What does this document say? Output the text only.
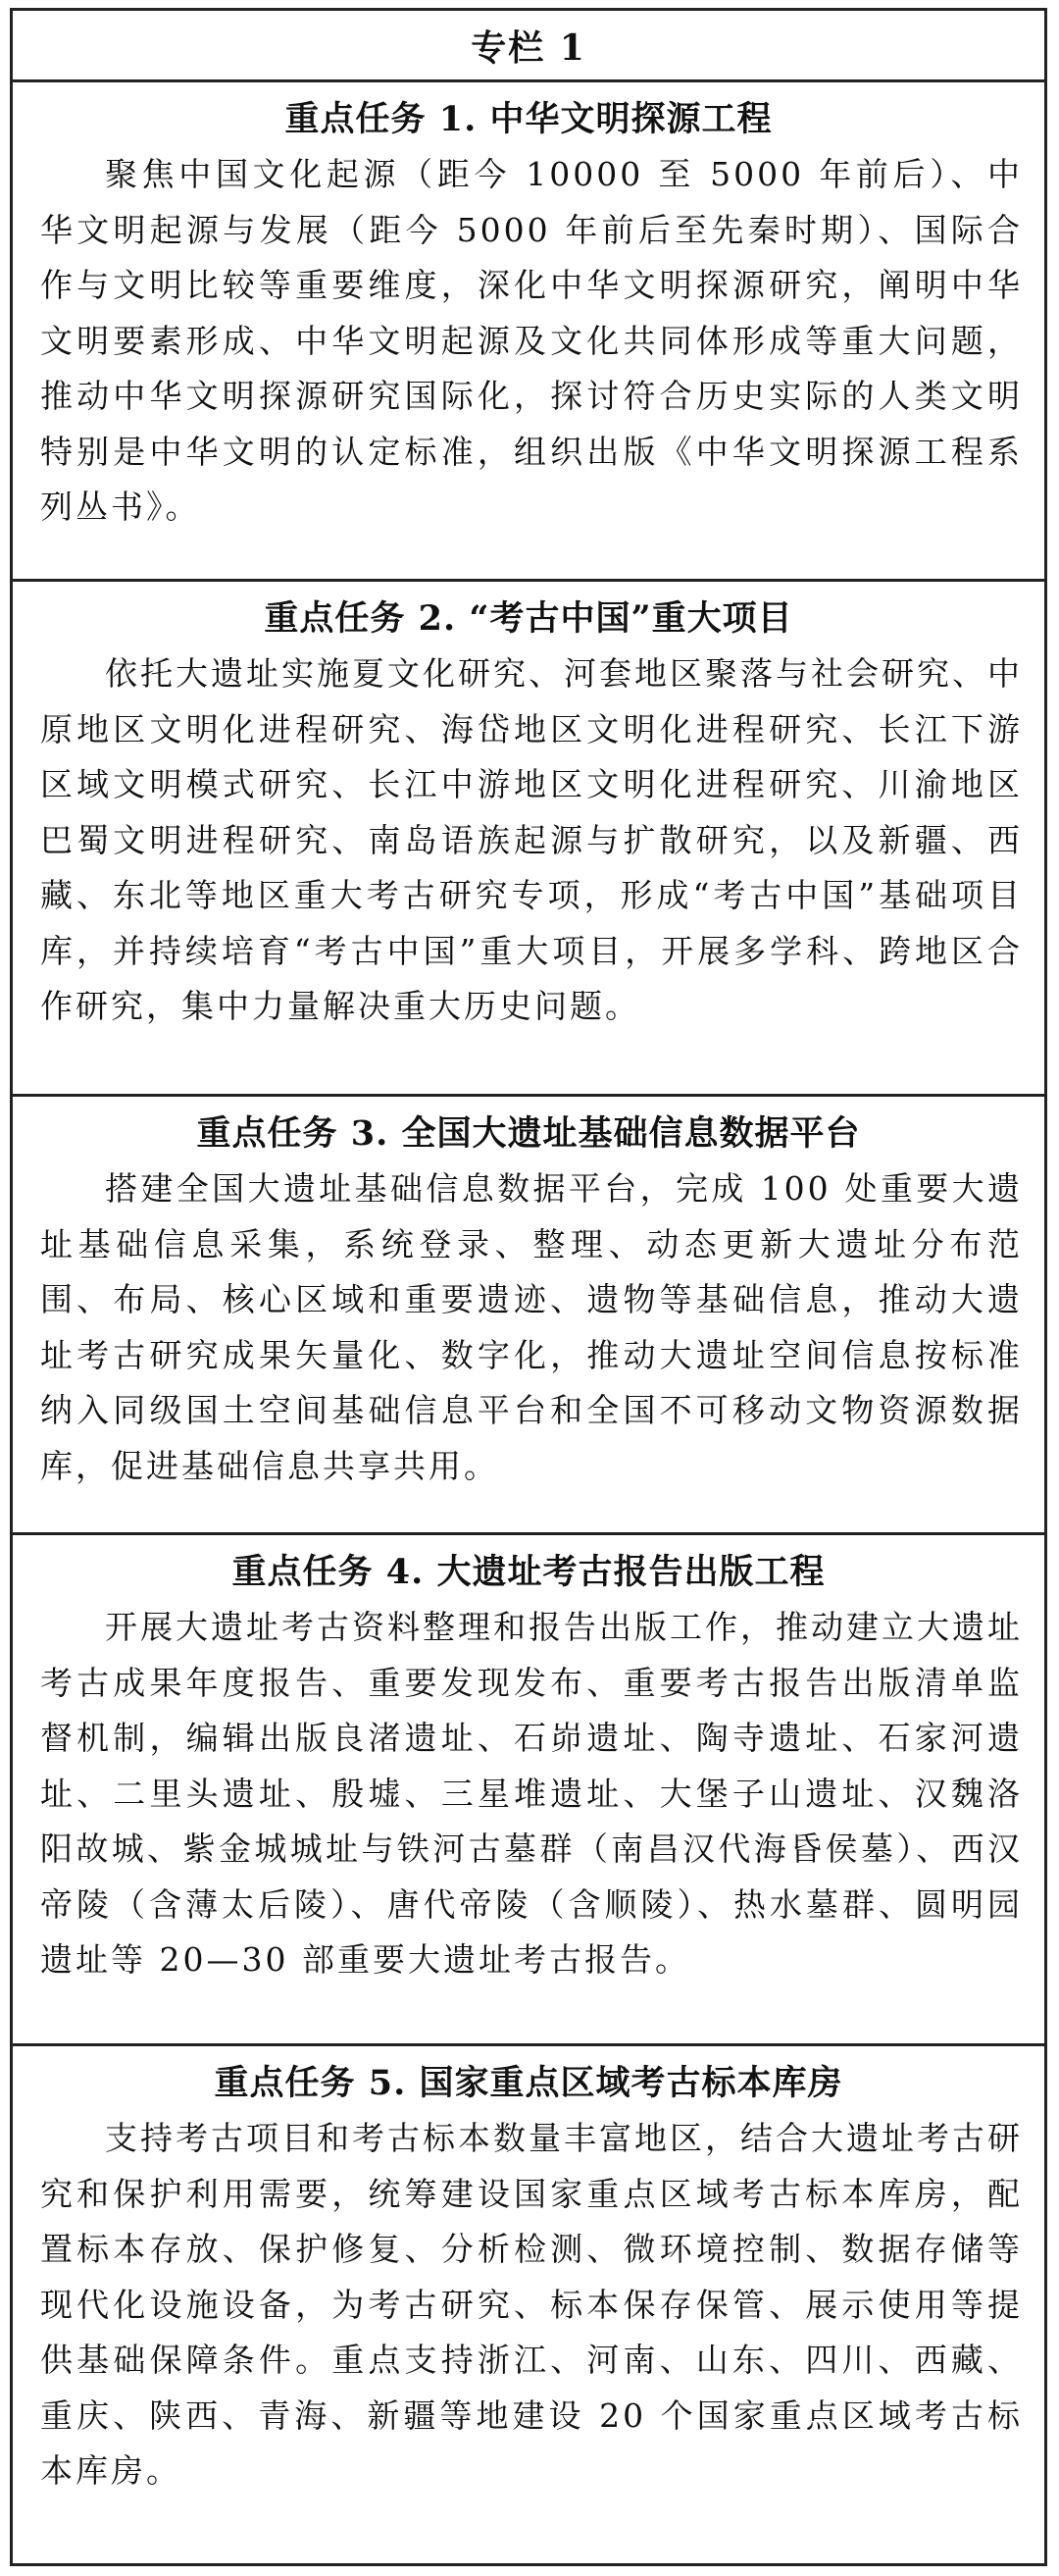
专栏 1
重点任务 1. 中华文明探源工程
聚焦中国文化起源（距今 10000 至 5000 年前后）、中华文明起源与发展（距今 5000 年前后至先秦时期）、国际合作与文明比较等重要维度，深化中华文明探源研究，阐明中华文明要素形成、中华文明起源及文化共同体形成等重大问题，推动中华文明探源研究国际化，探讨符合历史实际的人类文明特别是中华文明的认定标准，组织出版《中华文明探源工程系列丛书》。
重点任务 2. “考古中国”重大项目
依托大遗址实施夏文化研究、河套地区聚落与社会研究、中原地区文明化进程研究、海岱地区文明化进程研究、长江下游区域文明模式研究、长江中游地区文明化进程研究、川渝地区巴蜀文明进程研究、南岛语族起源与扩散研究，以及新疆、西藏、东北等地区重大考古研究专项，形成“考古中国”基础项目库，并持续培育“考古中国”重大项目，开展多学科、跨地区合作研究，集中力量解决重大历史问题。
重点任务 3. 全国大遗址基础信息数据平台
搭建全国大遗址基础信息数据平台，完成 100 处重要大遗址基础信息采集，系统登录、整理、动态更新大遗址分布范围、布局、核心区域和重要遗迹、遗物等基础信息，推动大遗址考古研究成果矢量化、数字化，推动大遗址空间信息按标准纳入同级国土空间基础信息平台和全国不可移动文物资源数据库，促进基础信息共享共用。
重点任务 4. 大遗址考古报告出版工程
开展大遗址考古资料整理和报告出版工作，推动建立大遗址考古成果年度报告、重要发现发布、重要考古报告出版清单监督机制，编辑出版良渚遗址、石峁遗址、陶寺遗址、石家河遗址、二里头遗址、殷墟、三星堆遗址、大堡子山遗址、汉魏洛阳故城、紫金城城址与铁河古墓群（南昌汉代海昏侯墓）、西汉帝陵（含薄太后陵）、唐代帝陵（含顺陵）、热水墓群、圆明园遗址等 20—30 部重要大遗址考古报告。
重点任务 5. 国家重点区域考古标本库房
支持考古项目和考古标本数量丰富地区，结合大遗址考古研究和保护利用需要，统筹建设国家重点区域考古标本库房，配置标本存放、保护修复、分析检测、微环境控制、数据存储等现代化设施设备，为考古研究、标本保存保管、展示使用等提供基础保障条件。重点支持浙江、河南、山东、四川、西藏、重庆、陕西、青海、新疆等地建设 20 个国家重点区域考古标本库房。
